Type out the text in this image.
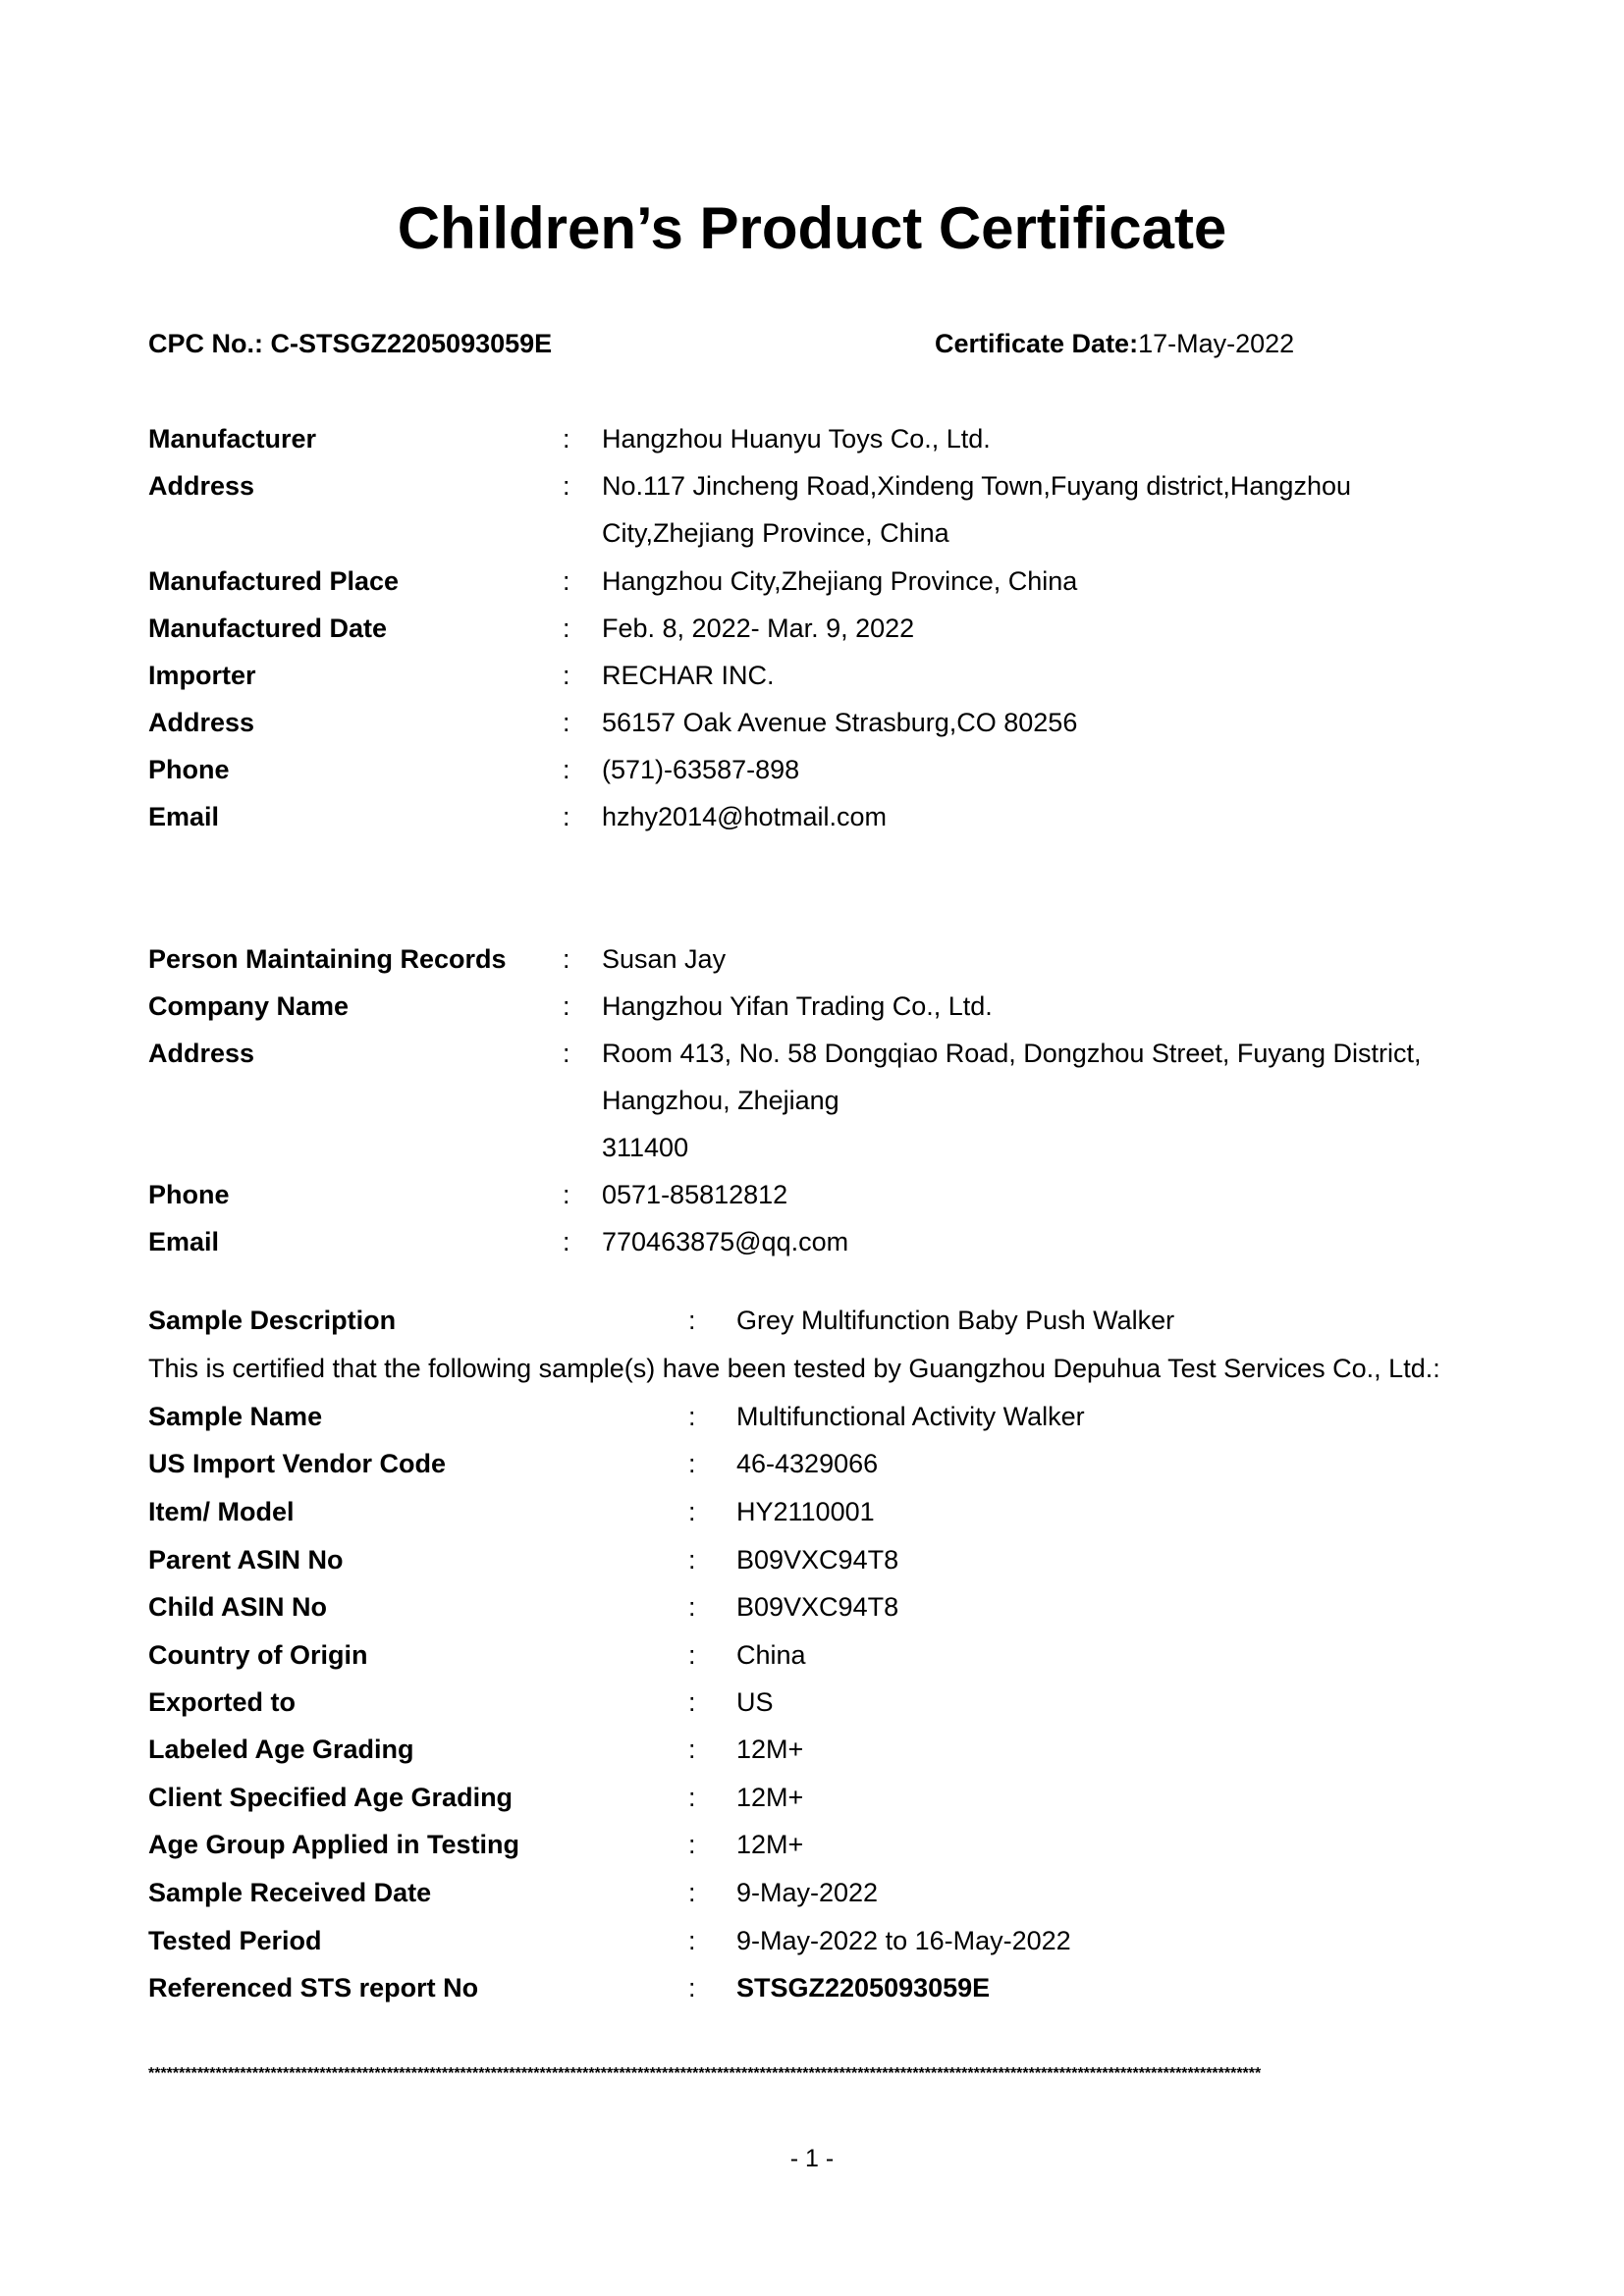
Children’s Product Certificate
CPC No.: C-STSGZ2205093059E	Certificate Date:17-May-2022
Manufacturer	: Hangzhou Huanyu Toys Co., Ltd.
Address	: No.117 Jincheng Road,Xindeng Town,Fuyang district,Hangzhou
City,Zhejiang Province, China
Manufactured Place	: Hangzhou City,Zhejiang Province, China
Manufactured Date	: Feb. 8, 2022- Mar. 9, 2022
Importer	: RECHAR INC.
Address	: 56157 Oak Avenue Strasburg,CO 80256
Phone	: (571)-63587-898
Email	: hzhy2014@hotmail.com
Person Maintaining Records : Susan Jay
Company Name	: Hangzhou Yifan Trading Co., Ltd.
Address	: Room 413, No. 58 Dongqiao Road, Dongzhou Street, Fuyang District,
Hangzhou, Zhejiang
311400
Phone	: 0571-85812812
Email	: 770463875@qq.com
Sample Description	: Grey Multifunction Baby Push Walker
This is certified that the following sample(s) have been tested by Guangzhou Depuhua Test Services Co., Ltd.:
Sample Name	: Multifunctional Activity Walker
US Import Vendor Code	: 46-4329066
Item/ Model	: HY2110001
Parent ASIN No	: B09VXC94T8
Child ASIN No	: B09VXC94T8
Country of Origin	: China
Exported to	: US
Labeled Age Grading	: 12M+
Client Specified Age Grading	: 12M+
Age Group Applied in Testing	: 12M+
Sample Received Date	: 9-May-2022
Tested Period	: 9-May-2022 to 16-May-2022
Referenced STS report No	: STSGZ2205093059E
**************************************************************************************************************************************************************************************
- 1 -
